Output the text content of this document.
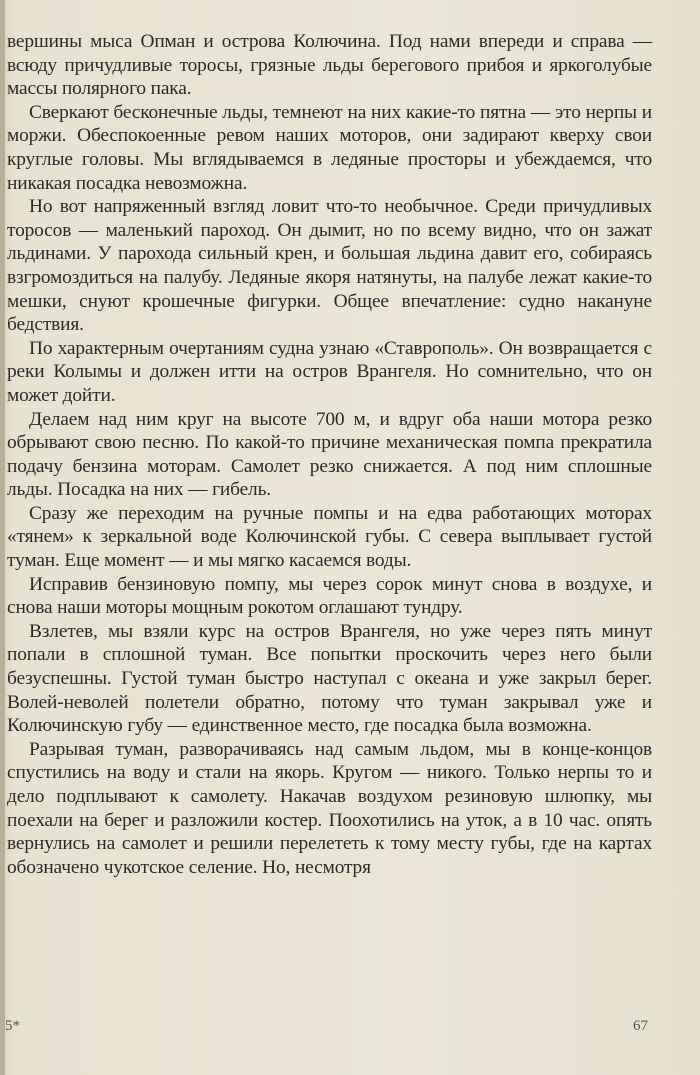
вершины мыса Опман и острова Колючина. Под нами впереди и справа — всюду причудливые торосы, грязные льды берегового прибоя и яркоголубые массы полярного пака.

Сверкают бесконечные льды, темнеют на них какие-то пятна — это нерпы и моржи. Обеспокоенные ревом наших моторов, они задирают кверху свои круглые головы. Мы вглядываемся в ледяные просторы и убеждаемся, что никакая посадка невозможна.

Но вот напряженный взгляд ловит что-то необычное. Среди причудливых торосов — маленький пароход. Он дымит, но по всему видно, что он зажат льдинами. У парохода сильный крен, и большая льдина давит его, собираясь взгромоздиться на палубу. Ледяные якоря натянуты, на палубе лежат какие-то мешки, снуют крошечные фигурки. Общее впечатление: судно накануне бедствия.

По характерным очертаниям судна узнаю «Ставрополь». Он возвращается с реки Колымы и должен итти на остров Врангеля. Но сомнительно, что он может дойти.

Делаем над ним круг на высоте 700 м, и вдруг оба наши мотора резко обрывают свою песню. По какой-то причине механическая помпа прекратила подачу бензина моторам. Самолет резко снижается. А под ним сплошные льды. Посадка на них — гибель.

Сразу же переходим на ручные помпы и на едва работающих моторах «тянем» к зеркальной воде Колючинской губы. С севера выплывает густой туман. Еще момент — и мы мягко касаемся воды.

Исправив бензиновую помпу, мы через сорок минут снова в воздухе, и снова наши моторы мощным рокотом оглашают тундру.

Взлетев, мы взяли курс на остров Врангеля, но уже через пять минут попали в сплошной туман. Все попытки проскочить через него были безуспешны. Густой туман быстро наступал с океана и уже закрыл берег. Волей-неволей полетели обратно, потому что туман закрывал уже и Колючинскую губу — единственное место, где посадка была возможна.

Разрывая туман, разворачиваясь над самым льдом, мы в конце-концов спустились на воду и стали на якорь. Кругом — никого. Только нерпы то и дело подплывают к самолету. Накачав воздухом резиновую шлюпку, мы поехали на берег и разложили костер. Поохотились на уток, а в 10 час. опять вернулись на самолет и решили перелететь к тому месту губы, где на картах обозначено чукотское селение. Но, несмотря

5*	67
